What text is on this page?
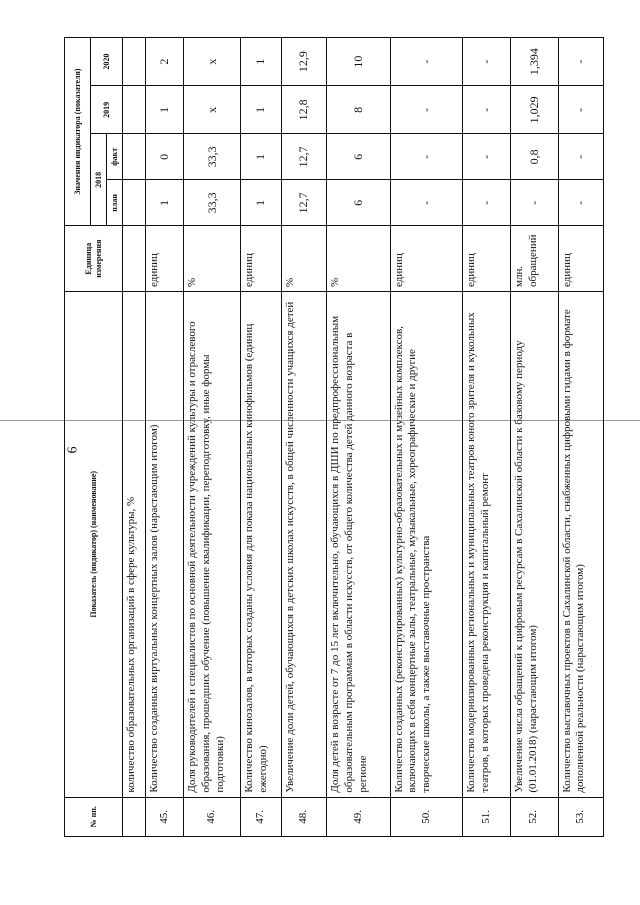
6
№ пп.	Показатель (индикатор) (наименование)	Единица измерения	Значения индикатора (показателя)			
			2018		2019	2020
			план	факт		
	количество образовательных организаций в сфере культуры, %					
45.	Количество созданных виртуальных концертных залов (нарастающим итогом)	единиц	1	0	1	2
46.	Доля руководителей и специалистов по основной деятельности учреждений культуры и отраслевого образования, прошедших обучение (повышение квалификации, переподготовку, иные формы подготовки)	%	33,3	33,3	х	х
47.	Количество кинозалов, в которых созданы условия для показа национальных кинофильмов (единиц ежегодно)	единиц	1	1	1	1
48.	Увеличение доли детей, обучающихся в детских школах искусств, в общей численности учащихся детей	%	12,7	12,7	12,8	12,9
49.	Доля детей в возрасте от 7 до 15 лет включительно, обучающихся в ДШИ по предпрофессиональным образовательным программам в области искусств, от общего количества детей данного возраста в регионе	%	6	6	8	10
50.	Количество созданных (реконструированных) культурно-образовательных и музейных комплексов, включающих в себя концертные залы, театральные, музыкальные, хореографические и другие творческие школы, а также выставочные пространства	единиц	-	-	-	-
51.	Количество модернизированных региональных и муниципальных театров юного зрителя и кукольных театров, в которых проведена реконструкция и капитальный ремонт	единиц	-	-	-	-
52.	Увеличение числа обращений к цифровым ресурсам в Сахалинской области к базовому периоду (01.01.2018) (нарастающим итогом)	млн. обращений	-	0,8	1,029	1,394
53.	Количество выставочных проектов в Сахалинской области, снабженных цифровыми гидами в формате дополненной реальности (нарастающим итогом)	единиц	-	-	-	-
